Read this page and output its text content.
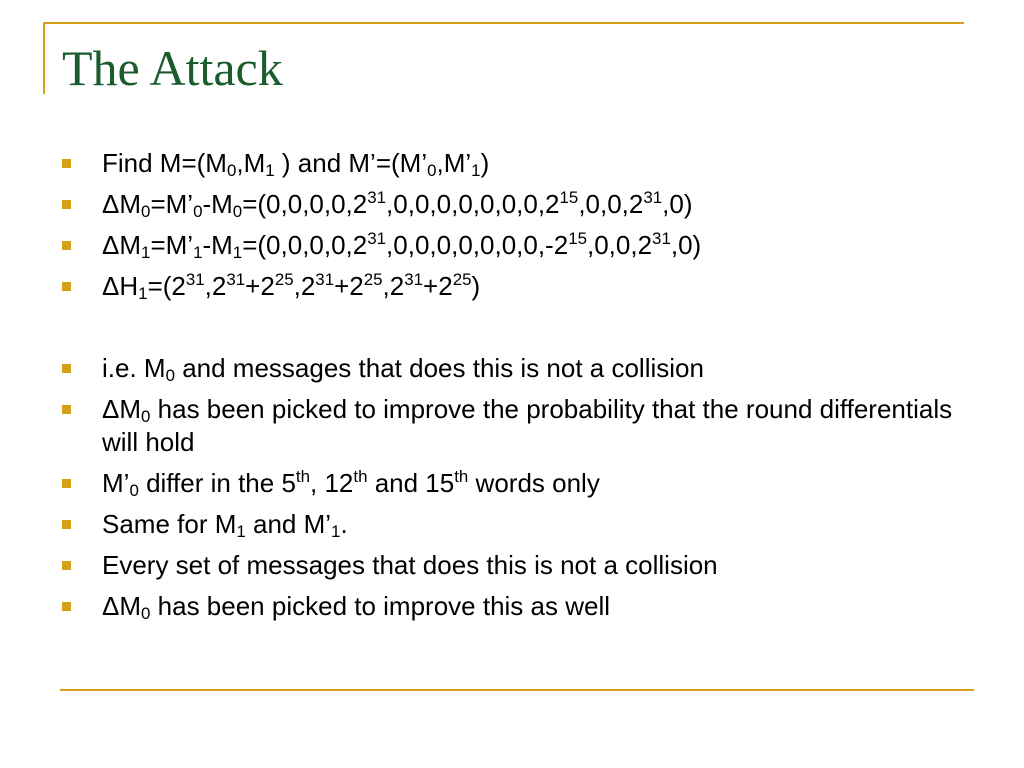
The Attack
Find $M=(M_0,M_1$ ) and $M’=(M’_0,M’_1)$
$\Delta M_0=M’_0-M_0=(0,0,0,0,2^{31},0,0,0,0,0,0,0,2^{15},0,0,2^{31},0)$
$\Delta M_1=M’_1-M_1=(0,0,0,0,2^{31},0,0,0,0,0,0,0,-2^{15},0,0,2^{31},0)$
$\Delta H_1=(2^{31},2^{31}+2^{25},2^{31}+2^{25},2^{31}+2^{25})$
i.e. $M_0$ and messages that does this is not a collision
$\Delta M_0$ has been picked to improve the probability that the round differentials will hold
$M’_0$ differ in the 5th, 12th and 15th words only
Same for $M_1$ and $M’_1$.
Every set of messages that does this is not a collision
$\Delta M_0$ has been picked to improve this as well
